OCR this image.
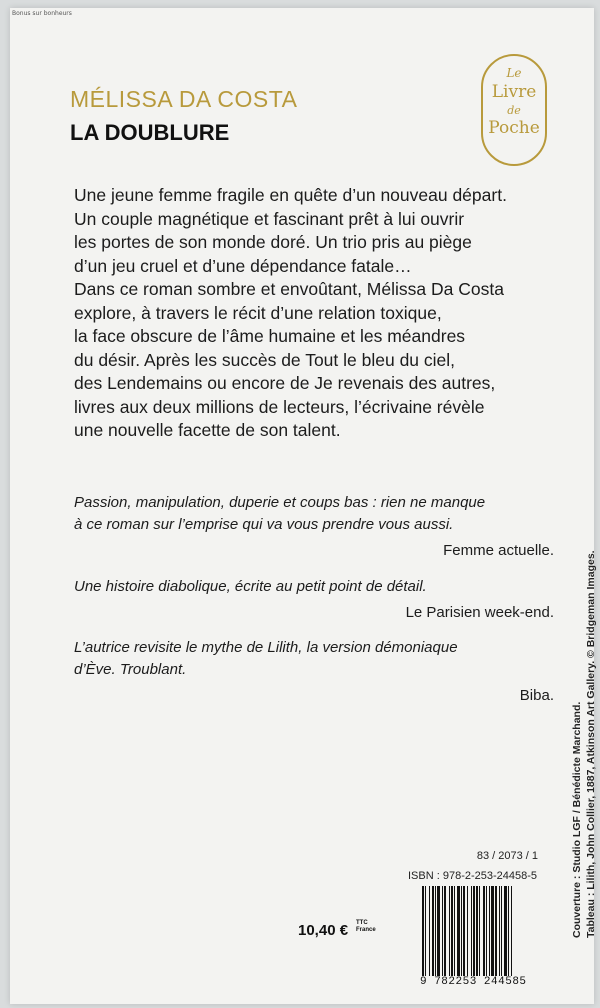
Bonus sur bonheurs
MÉLISSA DA COSTA
LA DOUBLURE
Le
Livre
de
Poche
Une jeune femme fragile en quête d’un nouveau départ.
Un couple magnétique et fascinant prêt à lui ouvrir
les portes de son monde doré. Un trio pris au piège
d’un jeu cruel et d’une dépendance fatale…
Dans ce roman sombre et envoûtant, Mélissa Da Costa
explore, à travers le récit d’une relation toxique,
la face obscure de l’âme humaine et les méandres
du désir. Après les succès de Tout le bleu du ciel,
des Lendemains ou encore de Je revenais des autres,
livres aux deux millions de lecteurs, l’écrivaine révèle
une nouvelle facette de son talent.
Passion, manipulation, duperie et coups bas : rien ne manque
à ce roman sur l’emprise qui va vous prendre vous aussi.
Femme actuelle.
Une histoire diabolique, écrite au petit point de détail.
Le Parisien week-end.
L’autrice revisite le mythe de Lilith, la version démoniaque
d’Ève. Troublant.
Biba.
Couverture : Studio LGF / Bénédicte Marchand. Tableau : Lilith, John Collier, 1887, Atkinson Art Gallery. © Bridgeman Images.
83 / 2073 / 1
ISBN : 978-2-253-24458-5
10,40 € TTC
France
9 782253 244585
